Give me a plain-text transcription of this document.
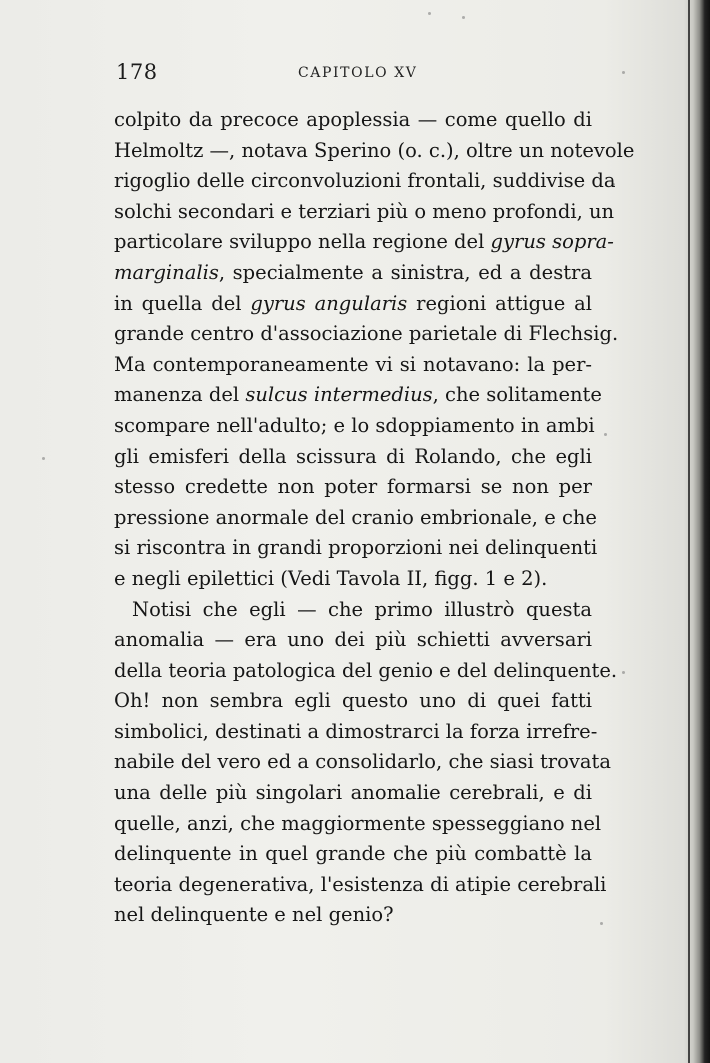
178	CAPITOLO XV
colpito da precoce apoplessia — come quello di
Helmoltz —, notava Sperino (o. c.), oltre un notevole
rigoglio delle circonvoluzioni frontali, suddivise da
solchi secondari e terziari più o meno profondi, un
particolare sviluppo nella regione del gyrus sopra-
marginalis, specialmente a sinistra, ed a destra
in quella del gyrus angularis regioni attigue al
grande centro d'associazione parietale di Flechsig.
Ma contemporaneamente vi si notavano: la per-
manenza del sulcus intermedius, che solitamente
scompare nell'adulto; e lo sdoppiamento in ambi
gli emisferi della scissura di Rolando, che egli
stesso credette non poter formarsi se non per
pressione anormale del cranio embrionale, e che
si riscontra in grandi proporzioni nei delinquenti
e negli epilettici (Vedi Tavola II, figg. 1 e 2).
Notisi che egli — che primo illustrò questa
anomalia — era uno dei più schietti avversari
della teoria patologica del genio e del delinquente.
Oh! non sembra egli questo uno di quei fatti
simbolici, destinati a dimostrarci la forza irrefre-
nabile del vero ed a consolidarlo, che siasi trovata
una delle più singolari anomalie cerebrali, e di
quelle, anzi, che maggiormente spesseggiano nel
delinquente in quel grande che più combattè la
teoria degenerativa, l'esistenza di atipie cerebrali
nel delinquente e nel genio?
